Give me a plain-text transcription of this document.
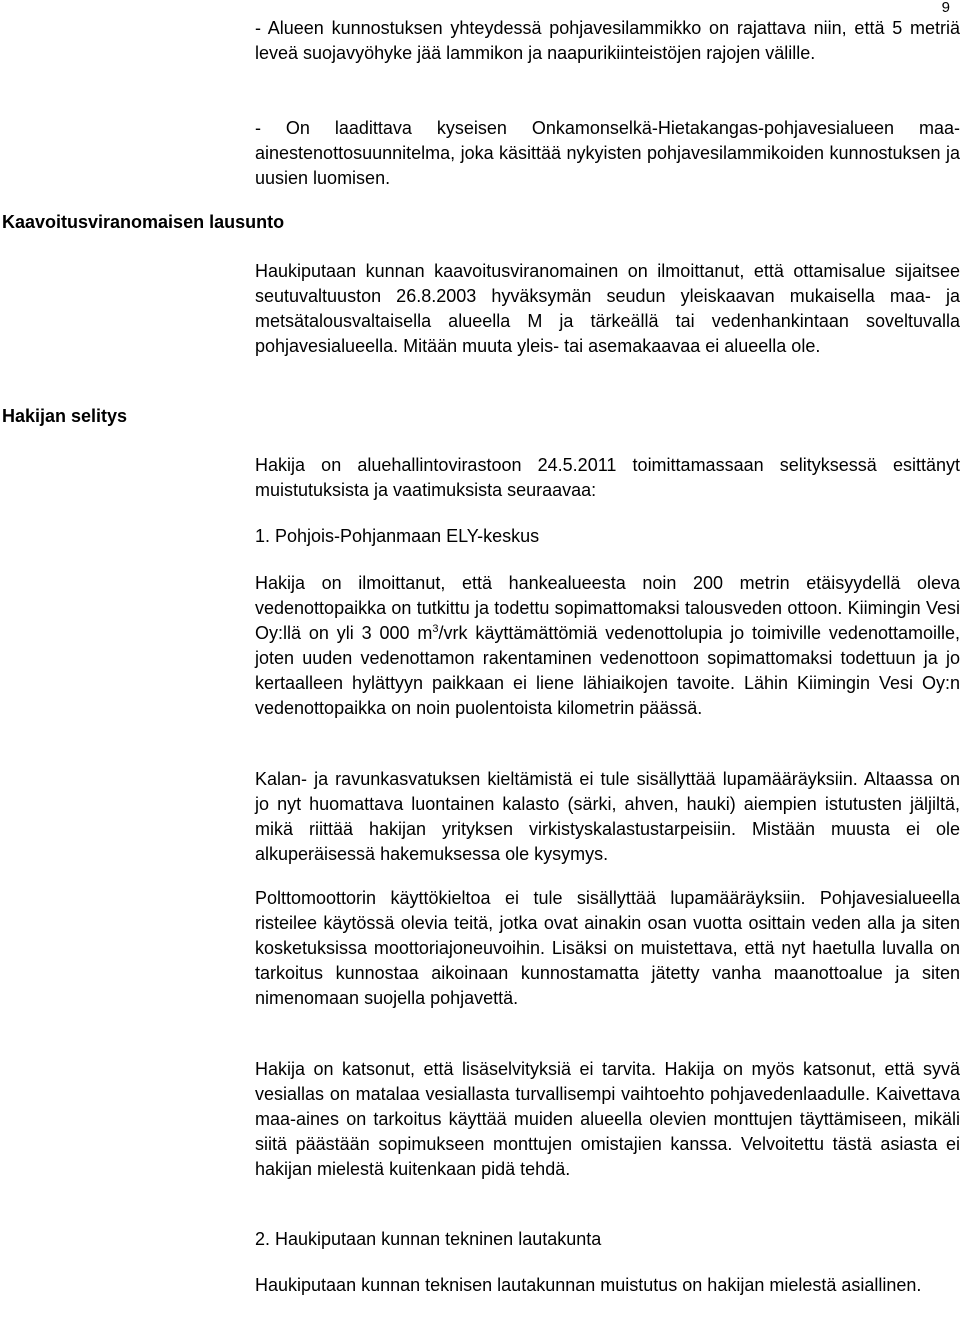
9
Kaavoitusviranomaisen lausunto
Hakijan selitys

- Alueen kunnostuksen yhteydessä pohjavesilammikko on rajattava niin, että 5 metriä leveä suojavyöhyke jää lammikon ja naapurikiinteistöjen rajojen välille.

- On laadittava kyseisen Onkamonselkä-Hietakangas-pohjavesialueen maa-ainestenottosuunnitelma, joka käsittää nykyisten pohjavesilammikoiden kunnostuksen ja uusien luomisen.

Haukiputaan kunnan kaavoitusviranomainen on ilmoittanut, että ottamisalue sijaitsee seutuvaltuuston 26.8.2003 hyväksymän seudun yleiskaavan mukaisella maa- ja metsätalousvaltaisella alueella M ja tärkeällä tai vedenhankintaan soveltuvalla pohjavesialueella. Mitään muuta yleis- tai asemakaavaa ei alueella ole.

Hakija on aluehallintovirastoon 24.5.2011 toimittamassaan selityksessä esittänyt muistutuksista ja vaatimuksista seuraavaa:

1. Pohjois-Pohjanmaan ELY-keskus

Hakija on ilmoittanut, että hankealueesta noin 200 metrin etäisyydellä oleva vedenottopaikka on tutkittu ja todettu sopimattomaksi talousveden ottoon. Kiimingin Vesi Oy:llä on yli 3 000 $m^3$/vrk käyttämättömiä vedenottolupia jo toimiville vedenottamoille, joten uuden vedenottamon rakentaminen vedenottoon sopimattomaksi todettuun ja jo kertaalleen hylättyyn paikkaan ei liene lähiaikojen tavoite. Lähin Kiimingin Vesi Oy:n vedenottopaikka on noin puolentoista kilometrin päässä.

Kalan- ja ravunkasvatuksen kieltämistä ei tule sisällyttää lupamääräyksiin. Altaassa on jo nyt huomattava luontainen kalasto (särki, ahven, hauki) aiempien istutusten jäljiltä, mikä riittää hakijan yrityksen virkistyskalastustarpeisiin. Mistään muusta ei ole alkuperäisessä hakemuksessa ole kysymys.

Polttomoottorin käyttökieltoa ei tule sisällyttää lupamääräyksiin. Pohjavesialueella risteilee käytössä olevia teitä, jotka ovat ainakin osan vuotta osittain veden alla ja siten kosketuksissa moottoriajoneuvoihin. Lisäksi on muistettava, että nyt haetulla luvalla on tarkoitus kunnostaa aikoinaan kunnostamatta jätetty vanha maanottoalue ja siten nimenomaan suojella pohjavettä.

Hakija on katsonut, että lisäselvityksiä ei tarvita. Hakija on myös katsonut, että syvä vesiallas on matalaa vesiallasta turvallisempi vaihtoehto pohjavedenlaadulle. Kaivettava maa-aines on tarkoitus käyttää muiden alueella olevien monttujen täyttämiseen, mikäli siitä päästään sopimukseen monttujen omistajien kanssa. Velvoitettu tästä asiasta ei hakijan mielestä kuitenkaan pidä tehdä.

2. Haukiputaan kunnan tekninen lautakunta

Haukiputaan kunnan teknisen lautakunnan muistutus on hakijan mielestä asiallinen.
